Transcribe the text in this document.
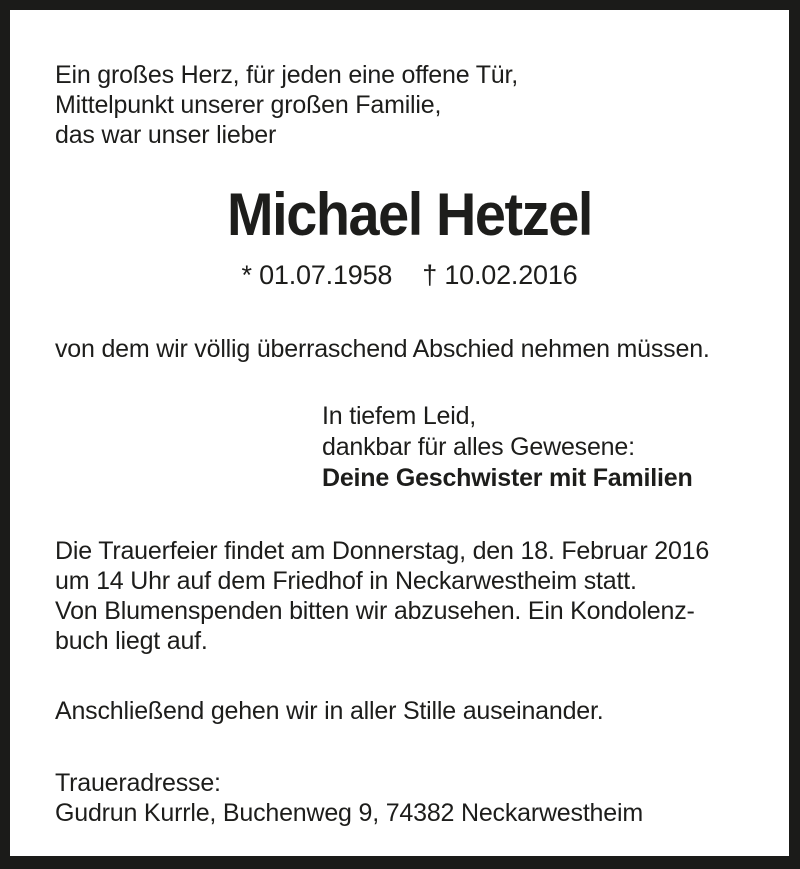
Ein großes Herz, für jeden eine offene Tür,
Mittelpunkt unserer großen Familie,
das war unser lieber
Michael Hetzel
* 01.07.1958 † 10.02.2016
von dem wir völlig überraschend Abschied nehmen müssen.
In tiefem Leid,
dankbar für alles Gewesene:
Deine Geschwister mit Familien
Die Trauerfeier findet am Donnerstag, den 18. Februar 2016
um 14 Uhr auf dem Friedhof in Neckarwestheim statt.
Von Blumenspenden bitten wir abzusehen. Ein Kondolenz-
buch liegt auf.
Anschließend gehen wir in aller Stille auseinander.
Traueradresse:
Gudrun Kurrle, Buchenweg 9, 74382 Neckarwestheim
